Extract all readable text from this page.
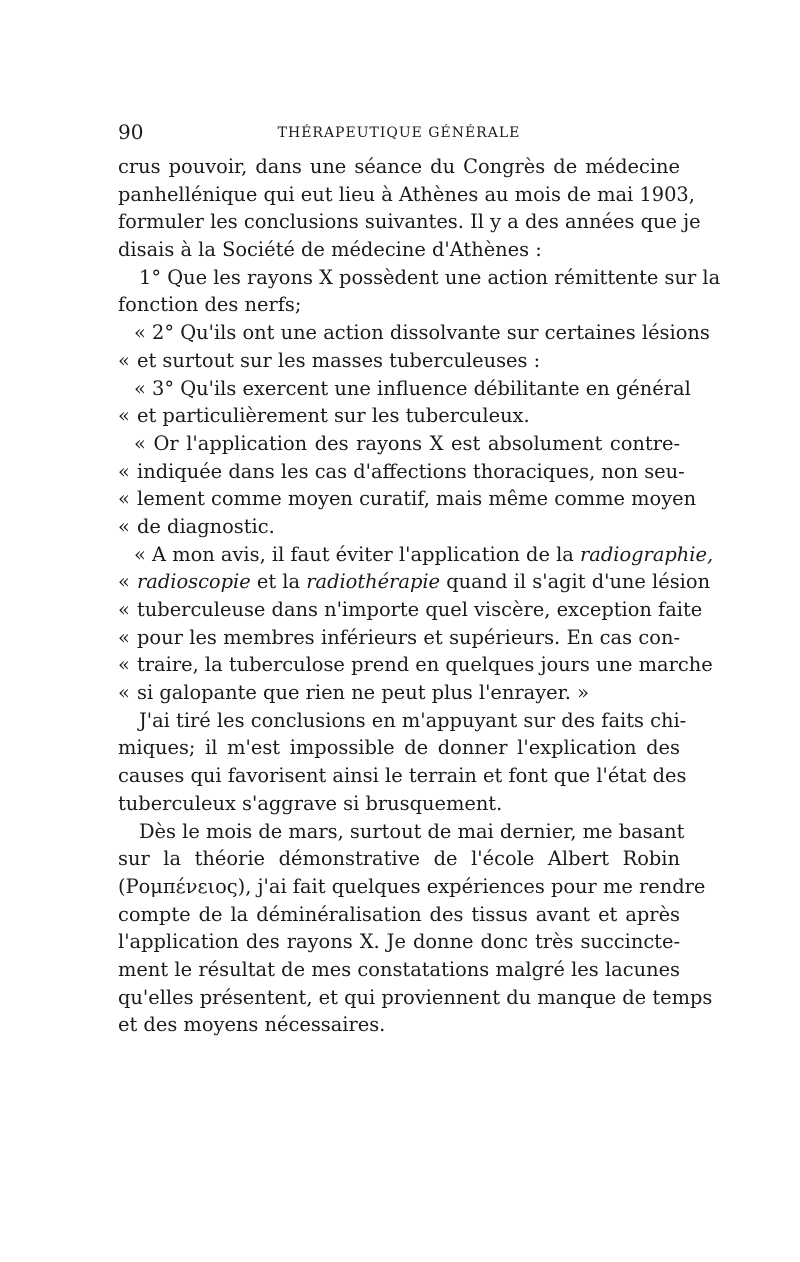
90	THÉRAPEUTIQUE GÉNÉRALE
crus pouvoir, dans une séance du Congrès de médecine
panhellénique qui eut lieu à Athènes au mois de mai 1903,
formuler les conclusions suivantes. Il y a des années que je
disais à la Société de médecine d'Athènes :
1° Que les rayons X possèdent une action rémittente sur la
fonction des nerfs;
« 2° Qu'ils ont une action dissolvante sur certaines lésions
« et surtout sur les masses tuberculeuses :
« 3° Qu'ils exercent une influence débilitante en général
« et particulièrement sur les tuberculeux.
« Or l'application des rayons X est absolument contre-
« indiquée dans les cas d'affections thoraciques, non seu-
« lement comme moyen curatif, mais même comme moyen
« de diagnostic.
« A mon avis, il faut éviter l'application de la radiographie,
« radioscopie et la radiothérapie quand il s'agit d'une lésion
« tuberculeuse dans n'importe quel viscère, exception faite
« pour les membres inférieurs et supérieurs. En cas con-
« traire, la tuberculose prend en quelques jours une marche
« si galopante que rien ne peut plus l'enrayer. »
J'ai tiré les conclusions en m'appuyant sur des faits chi-
miques; il m'est impossible de donner l'explication des
causes qui favorisent ainsi le terrain et font que l'état des
tuberculeux s'aggrave si brusquement.
Dès le mois de mars, surtout de mai dernier, me basant
sur la théorie démonstrative de l'école Albert Robin
(Ρομπένειος), j'ai fait quelques expériences pour me rendre
compte de la déminéralisation des tissus avant et après
l'application des rayons X. Je donne donc très succincte-
ment le résultat de mes constatations malgré les lacunes
qu'elles présentent, et qui proviennent du manque de temps
et des moyens nécessaires.
